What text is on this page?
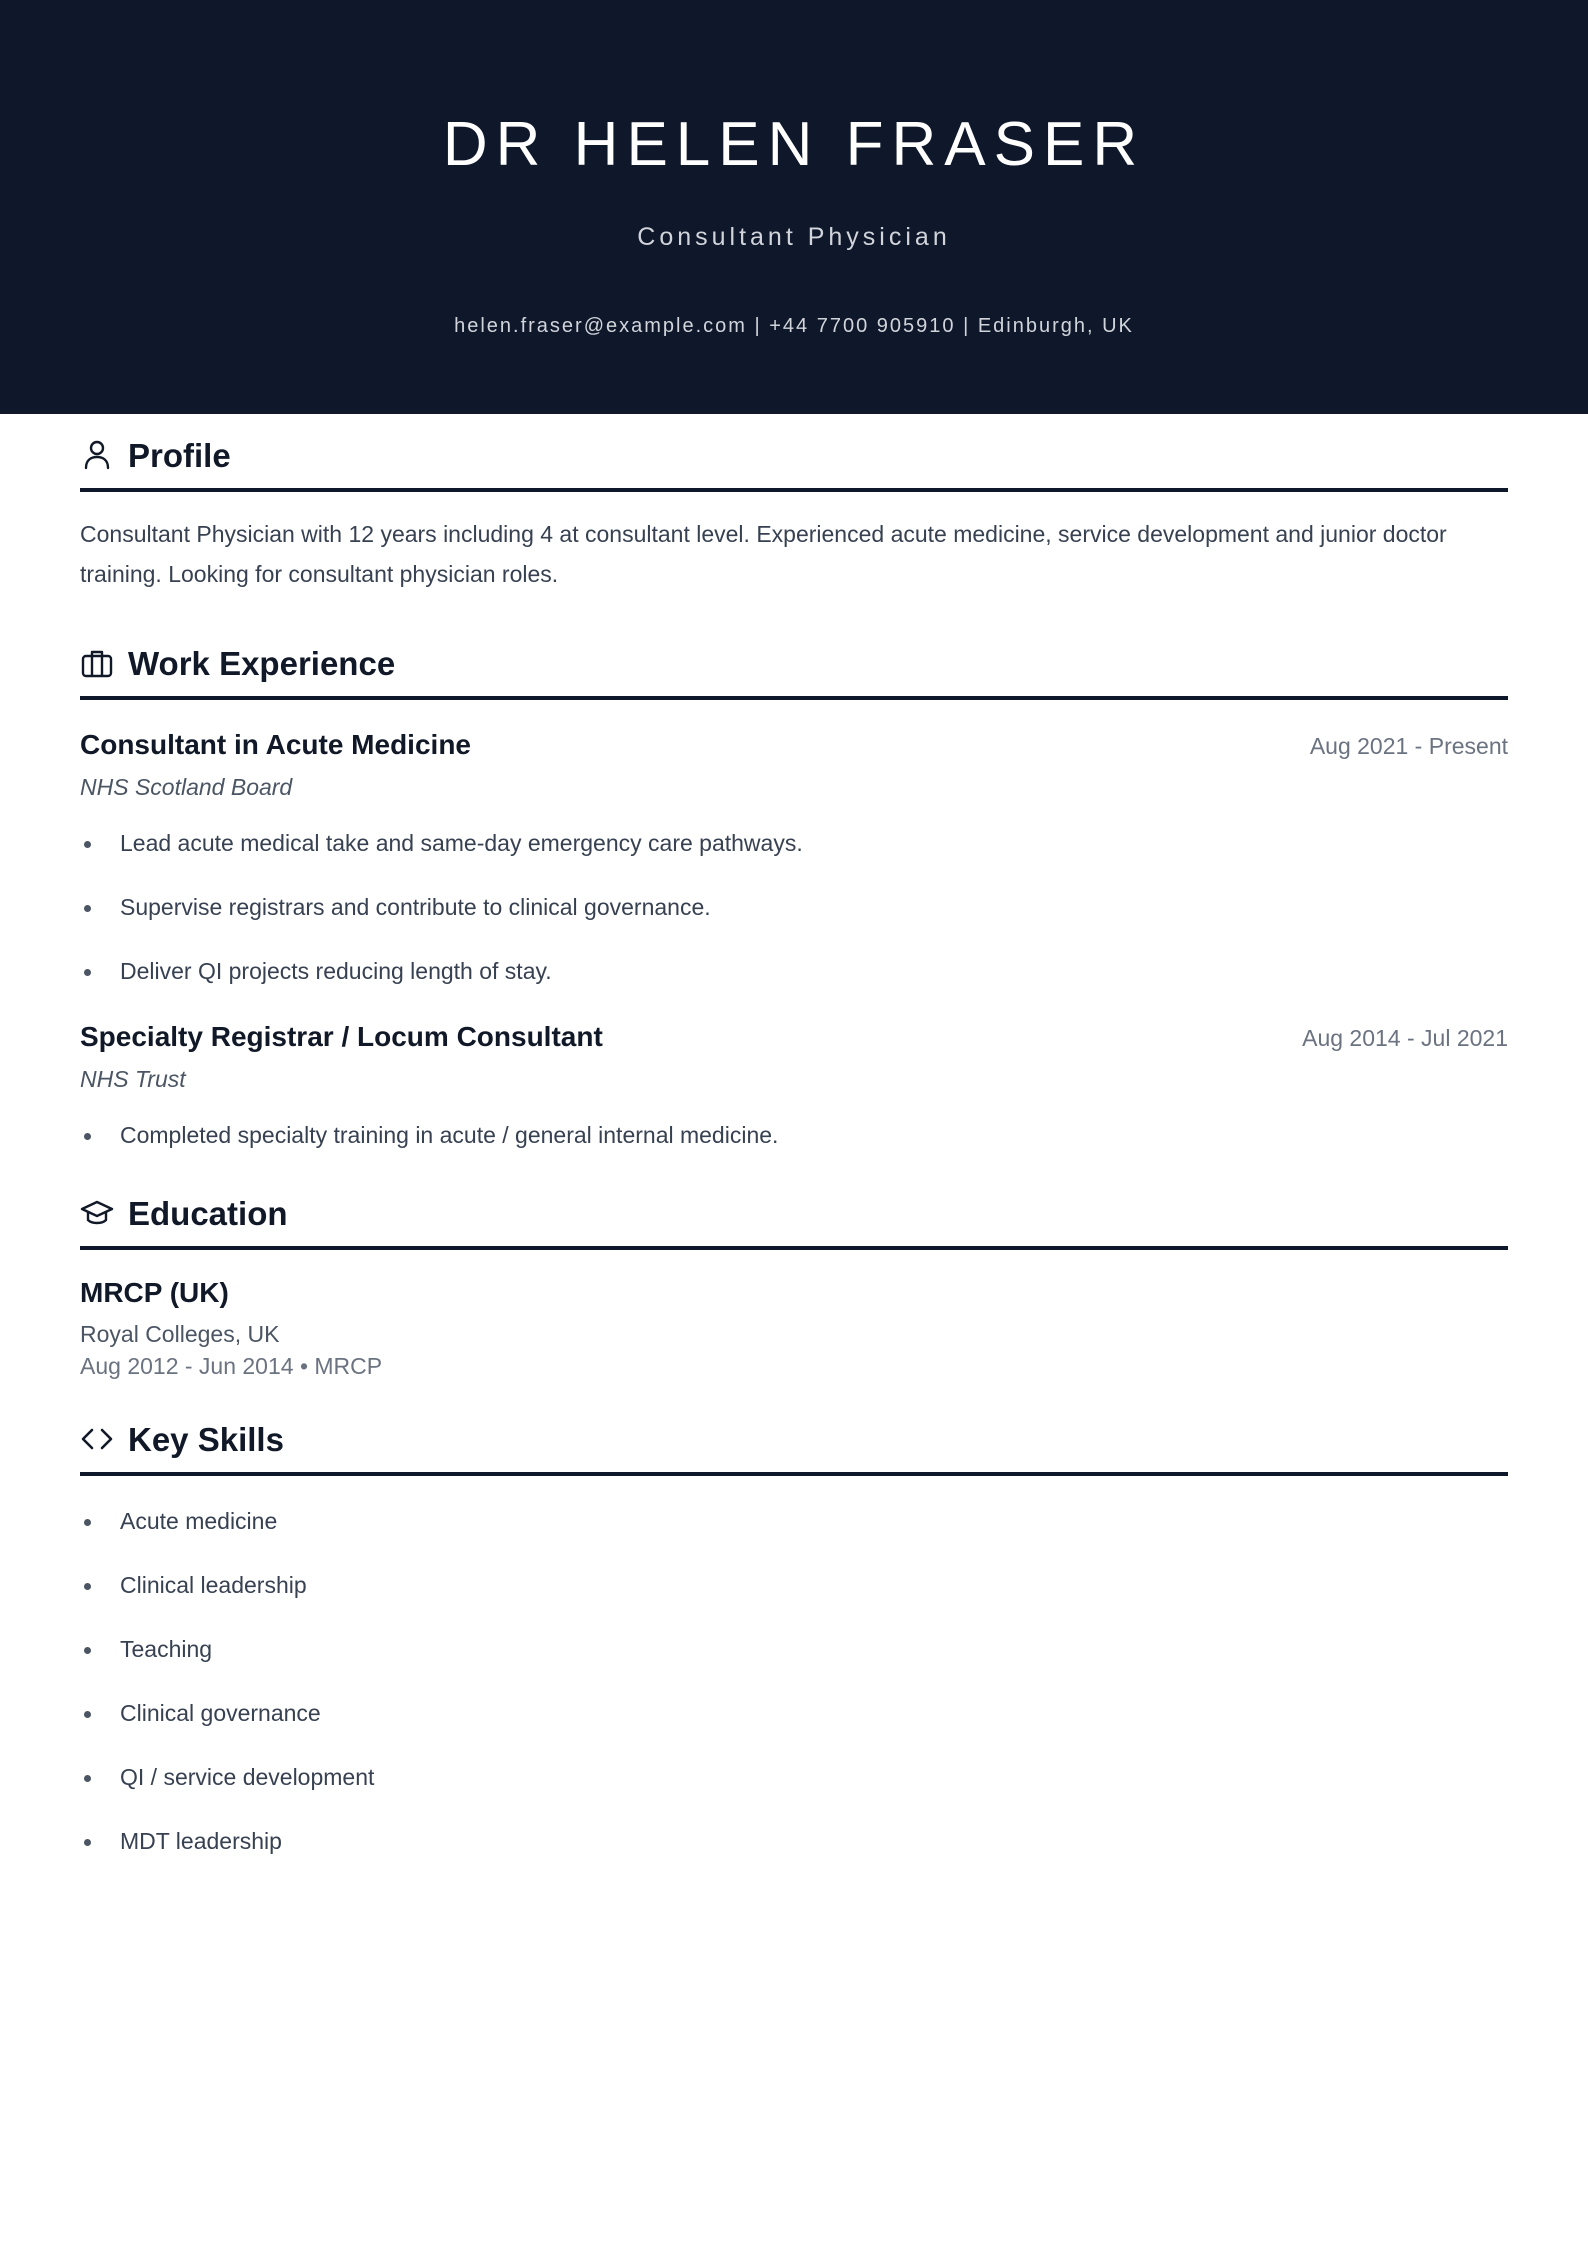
DR HELEN FRASER
Consultant Physician
helen.fraser@example.com | +44 7700 905910 | Edinburgh, UK
Profile
Consultant Physician with 12 years including 4 at consultant level. Experienced acute medicine, service development and junior doctor training. Looking for consultant physician roles.
Work Experience
Consultant in Acute Medicine	Aug 2021 - Present
NHS Scotland Board
Lead acute medical take and same-day emergency care pathways.
Supervise registrars and contribute to clinical governance.
Deliver QI projects reducing length of stay.
Specialty Registrar / Locum Consultant	Aug 2014 - Jul 2021
NHS Trust
Completed specialty training in acute / general internal medicine.
Education
MRCP (UK)
Royal Colleges, UK
Aug 2012 - Jun 2014 • MRCP
Key Skills
Acute medicine
Clinical leadership
Teaching
Clinical governance
QI / service development
MDT leadership
